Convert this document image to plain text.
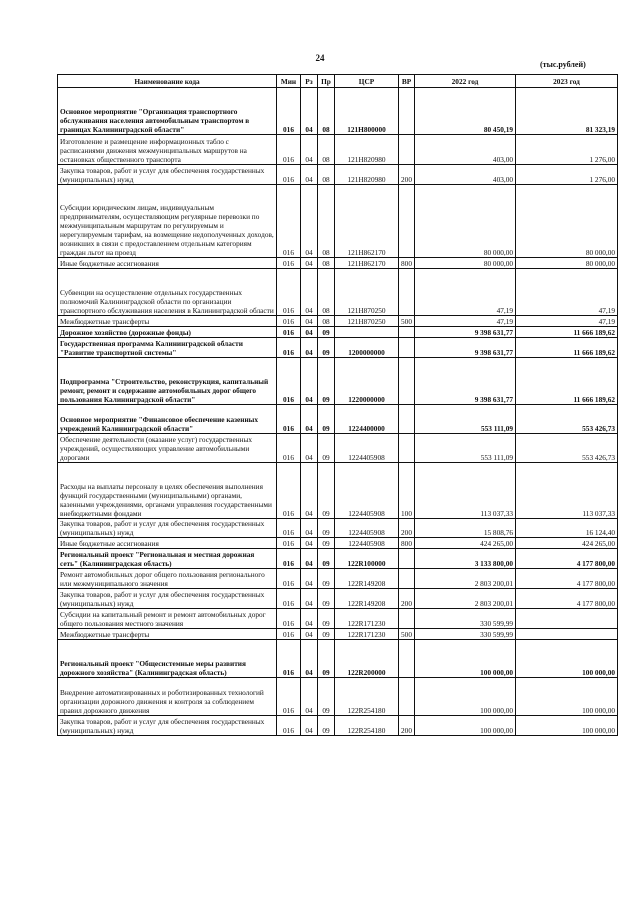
24
(тыс.рублей)
Наименование кода	Мин	Рз	Пр	ЦСР	ВР	2022 год	2023 год
Основное мероприятие "Организация транспортного обслуживания населения автомобильным транспортом в границах Калининградской области"	016	04	08	121Н800000		80 450,19	81 323,19
Изготовление и размещение информационных табло с расписаниями движения межмуниципальных маршрутов на остановках общественного транспорта	016	04	08	121Н820980		403,00	1 276,00
Закупка товаров, работ и услуг для обеспечения государственных (муниципальных) нужд	016	04	08	121Н820980	200	403,00	1 276,00
Субсидии юридическим лицам, индивидуальным предпринимателям, осуществляющим регулярные перевозки по межмуниципальным маршрутам по регулируемым и нерегулируемым тарифам, на возмещение недополученных доходов, возникших в связи с предоставлением отдельным категориям граждан льгот на проезд	016	04	08	121Н862170		80 000,00	80 000,00
Иные бюджетные ассигнования	016	04	08	121Н862170	800	80 000,00	80 000,00
Субвенции на осуществление отдельных государственных полномочий Калининградской области по организации транспортного обслуживания населения в Калининградской области	016	04	08	121Н870250		47,19	47,19
Межбюджетные трансферты	016	04	08	121Н870250	500	47,19	47,19
Дорожное хозяйство (дорожные фонды)	016	04	09			9 398 631,77	11 666 189,62
Государственная программа Калининградской области "Развитие транспортной системы"	016	04	09	1200000000		9 398 631,77	11 666 189,62
Подпрограмма "Строительство, реконструкция, капитальный ремонт, ремонт и содержание автомобильных дорог общего пользования Калининградской области"	016	04	09	1220000000		9 398 631,77	11 666 189,62
Основное мероприятие "Финансовое обеспечение казенных учреждений Калининградской области"	016	04	09	1224400000		553 111,09	553 426,73
Обеспечение деятельности (оказание услуг) государственных учреждений, осуществляющих управление автомобильными дорогами	016	04	09	1224405908		553 111,09	553 426,73
Расходы на выплаты персоналу в целях обеспечения выполнения функций государственными (муниципальными) органами, казенными учреждениями, органами управления государственными внебюджетными фондами	016	04	09	1224405908	100	113 037,33	113 037,33
Закупка товаров, работ и услуг для обеспечения государственных (муниципальных) нужд	016	04	09	1224405908	200	15 808,76	16 124,40
Иные бюджетные ассигнования	016	04	09	1224405908	800	424 265,00	424 265,00
Региональный проект "Региональная и местная дорожная сеть" (Калининградская область)	016	04	09	122R100000		3 133 800,00	4 177 800,00
Ремонт автомобильных дорог общего пользования регионального или межмуниципального значения	016	04	09	122R149208		2 803 200,01	4 177 800,00
Закупка товаров, работ и услуг для обеспечения государственных (муниципальных) нужд	016	04	09	122R149208	200	2 803 200,01	4 177 800,00
Субсидии на капитальный ремонт и ремонт автомобильных дорог общего пользования местного значения	016	04	09	122R171230		330 599,99	
Межбюджетные трансферты	016	04	09	122R171230	500	330 599,99	
Региональный проект "Общесистемные меры развития дорожного хозяйства" (Калининградская область)	016	04	09	122R200000		100 000,00	100 000,00
Внедрение автоматизированных и роботизированных технологий организации дорожного движения и контроля за соблюдением правил дорожного движения	016	04	09	122R254180		100 000,00	100 000,00
Закупка товаров, работ и услуг для обеспечения государственных (муниципальных) нужд	016	04	09	122R254180	200	100 000,00	100 000,00
